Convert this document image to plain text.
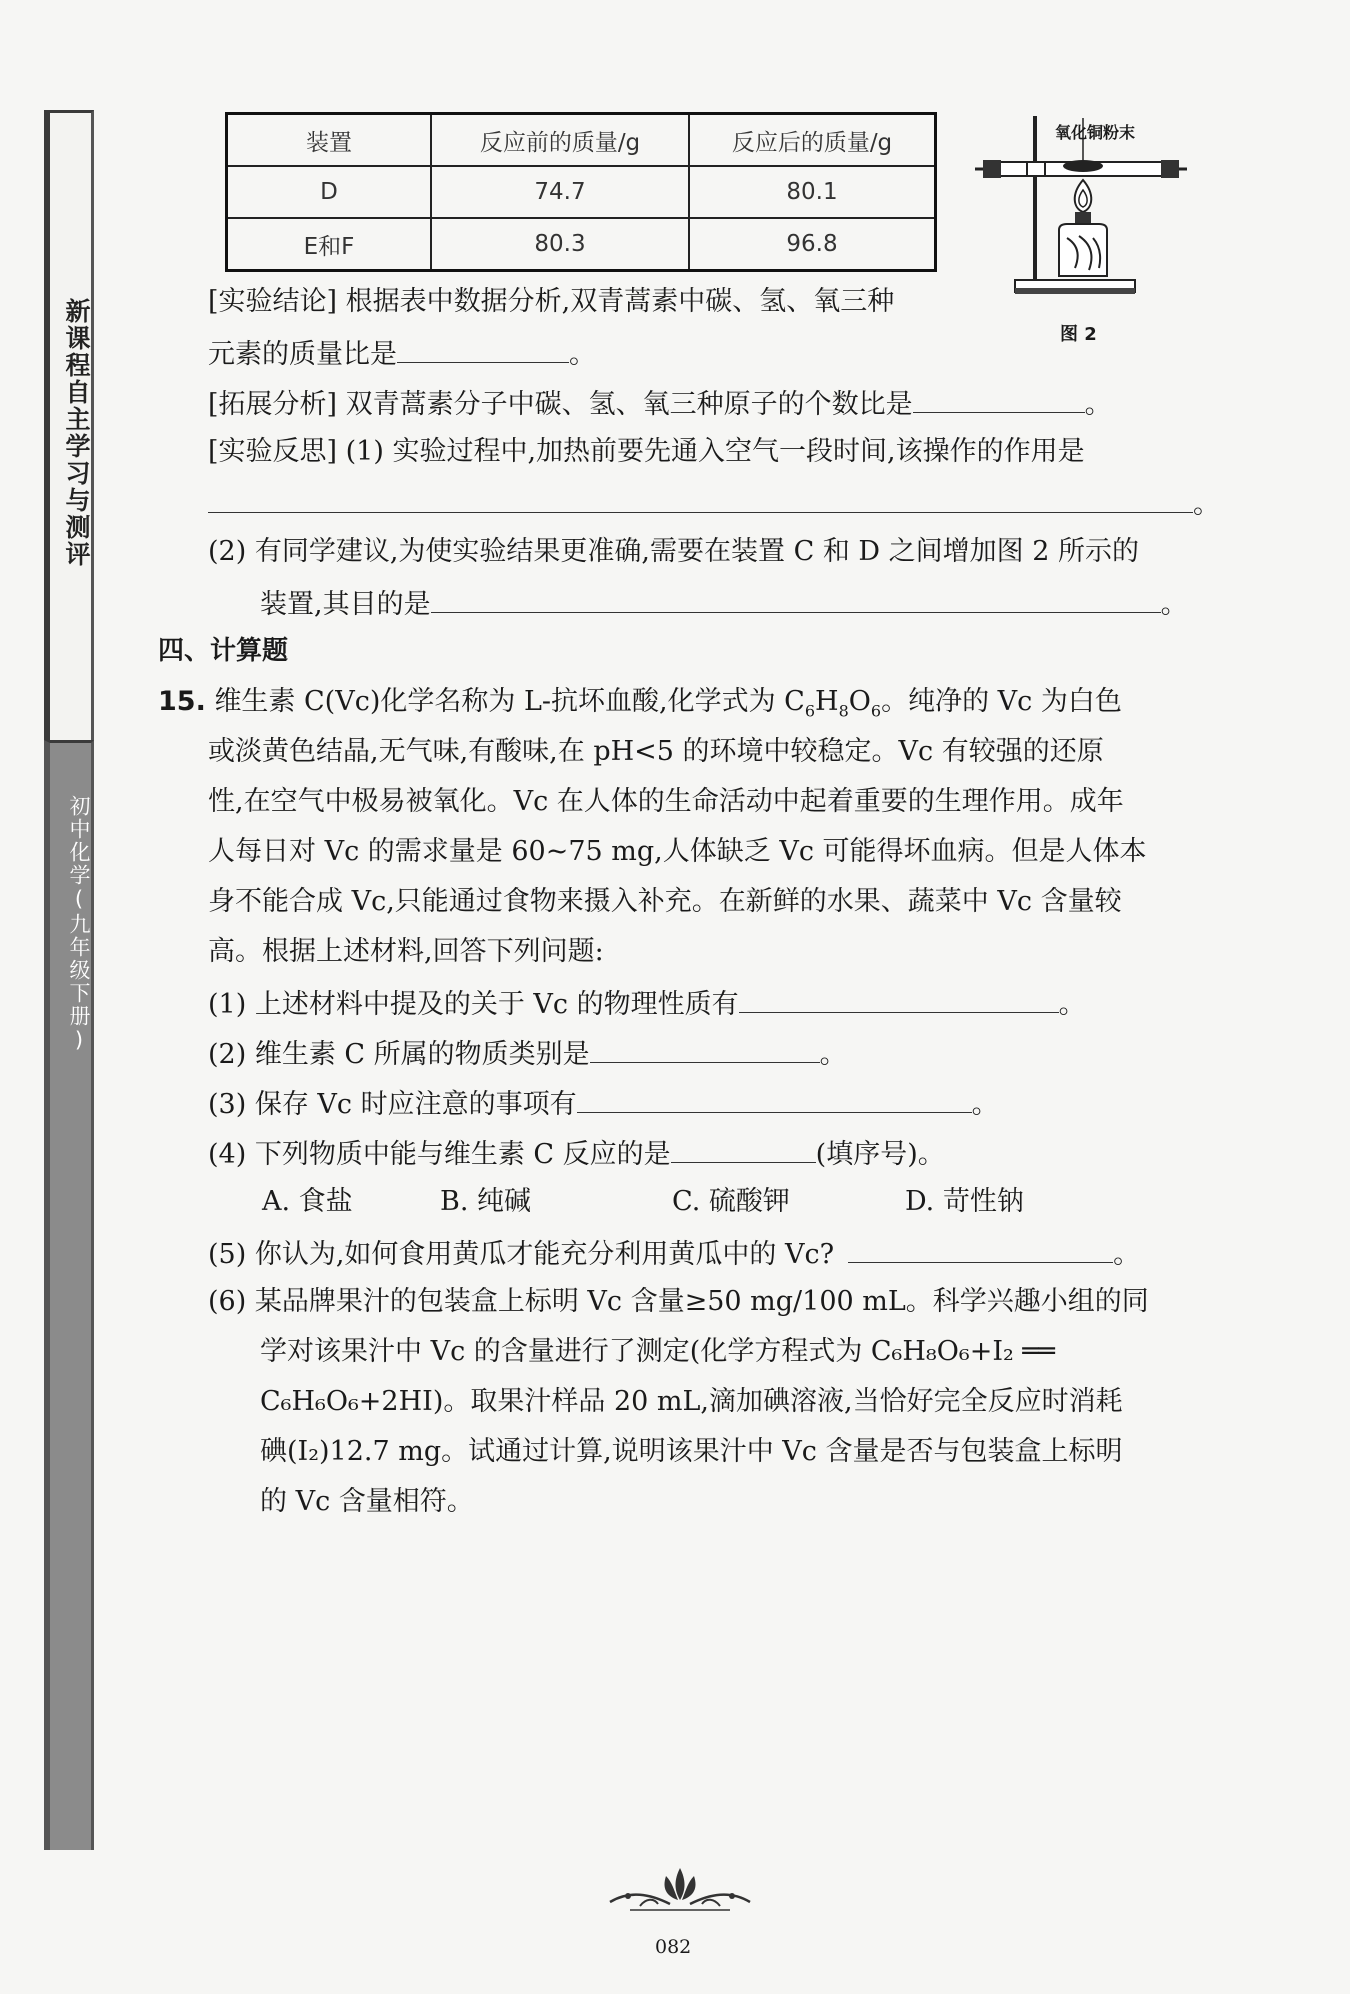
新课程自主学习与测评
初中化学(九年级下册)
装置	反应前的质量/g	反应后的质量/g
D	74.7	80.1
E和F	80.3	96.8
氧化铜粉末
图 2
[实验结论] 根据表中数据分析,双青蒿素中碳、氢、氧三种
元素的质量比是	。
[拓展分析] 双青蒿素分子中碳、氢、氧三种原子的个数比是	。
[实验反思] (1) 实验过程中,加热前要先通入空气一段时间,该操作的作用是
。
(2) 有同学建议,为使实验结果更准确,需要在装置 C 和 D 之间增加图 2 所示的
装置,其目的是	。
四、计算题
15. 维生素 C(Vc)化学名称为 L-抗坏血酸,化学式为 $C_6H_8O_6$。纯净的 Vc 为白色
或淡黄色结晶,无气味,有酸味,在 pH<5 的环境中较稳定。Vc 有较强的还原
性,在空气中极易被氧化。Vc 在人体的生命活动中起着重要的生理作用。成年
人每日对 Vc 的需求量是 60~75 mg,人体缺乏 Vc 可能得坏血病。但是人体本
身不能合成 Vc,只能通过食物来摄入补充。在新鲜的水果、蔬菜中 Vc 含量较
高。根据上述材料,回答下列问题:
(1) 上述材料中提及的关于 Vc 的物理性质有	。
(2) 维生素 C 所属的物质类别是	。
(3) 保存 Vc 时应注意的事项有	。
(4) 下列物质中能与维生素 C 反应的是	(填序号)。
A. 食盐	B. 纯碱	C. 硫酸钾	D. 苛性钠
(5) 你认为,如何食用黄瓜才能充分利用黄瓜中的 Vc?	。
(6) 某品牌果汁的包装盒上标明 Vc 含量≥50 mg/100 mL。科学兴趣小组的同
学对该果汁中 Vc 的含量进行了测定(化学方程式为 C₆H₈O₆+I₂ ══
C₆H₆O₆+2HI)。取果汁样品 20 mL,滴加碘溶液,当恰好完全反应时消耗
碘(I₂)12.7 mg。试通过计算,说明该果汁中 Vc 含量是否与包装盒上标明
的 Vc 含量相符。
082
